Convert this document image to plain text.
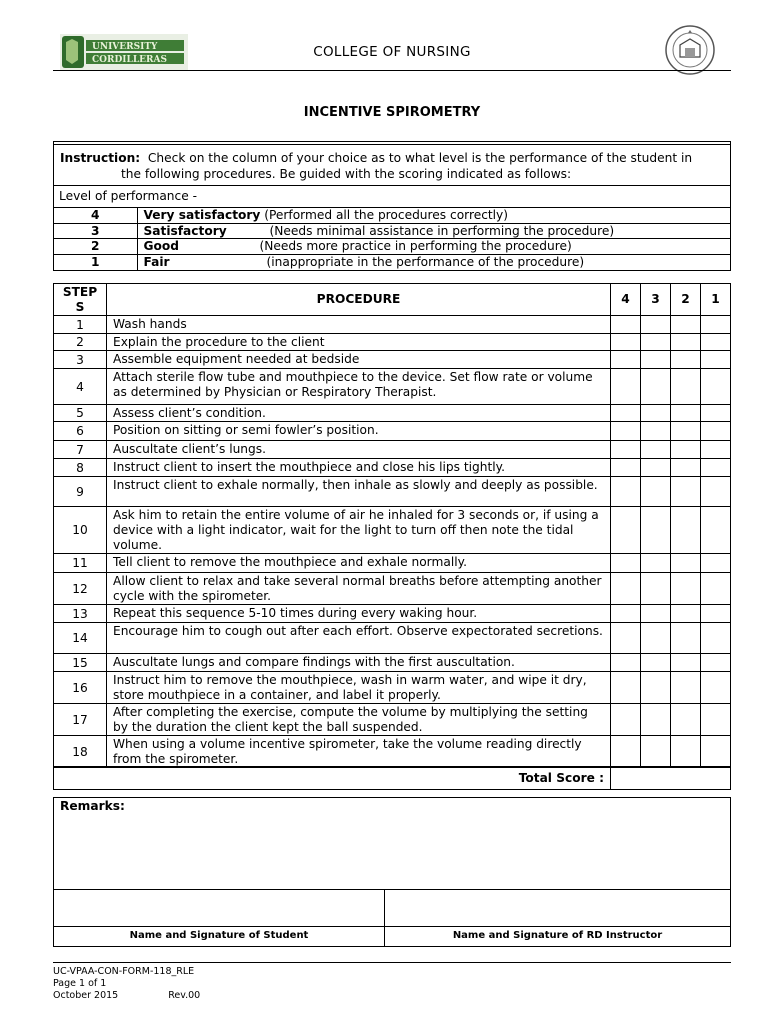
UNIVERSITY
CORDILLERAS	COLLEGE OF NURSING
INCENTIVE SPIROMETRY
Instruction: Check on the column of your choice as to what level is the performance of the student in
the following procedures. Be guided with the scoring indicated as follows:
Level of performance -
4	Very satisfactory (Performed all the procedures correctly)
3	Satisfactory (Needs minimal assistance in performing the procedure)
2	Good (Needs more practice in performing the procedure)
1	Fair (inappropriate in the performance of the procedure)
STEP
S	PROCEDURE	4	3	2	1
1	Wash hands				
2	Explain the procedure to the client				
3	Assemble equipment needed at bedside				
4	Attach sterile flow tube and mouthpiece to the device. Set flow rate or volume as determined by Physician or Respiratory Therapist.				
5	Assess client’s condition.				
6	Position on sitting or semi fowler’s position.				
7	Auscultate client’s lungs.				
8	Instruct client to insert the mouthpiece and close his lips tightly.				
9	Instruct client to exhale normally, then inhale as slowly and deeply as possible.				
10	Ask him to retain the entire volume of air he inhaled for 3 seconds or, if using a device with a light indicator, wait for the light to turn off then note the tidal volume.				
11	Tell client to remove the mouthpiece and exhale normally.				
12	Allow client to relax and take several normal breaths before attempting another cycle with the spirometer.				
13	Repeat this sequence 5-10 times during every waking hour.				
14	Encourage him to cough out after each effort. Observe expectorated secretions.				
15	Auscultate lungs and compare findings with the first auscultation.				
16	Instruct him to remove the mouthpiece, wash in warm water, and wipe it dry, store mouthpiece in a container, and label it properly.				
17	After completing the exercise, compute the volume by multiplying the setting by the duration the client kept the ball suspended.				
18	When using a volume incentive spirometer, take the volume reading directly from the spirometer.				
Total Score :
Remarks:
Name and Signature of Student	Name and Signature of RD Instructor
UC-VPAA-CON-FORM-118_RLE
Page 1 of 1
October 2015	Rev.00
